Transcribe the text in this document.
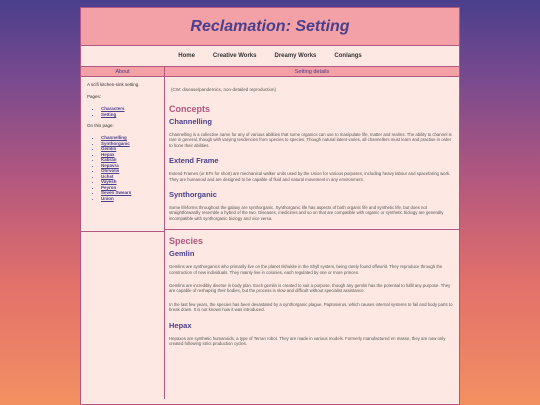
Reclamation: Setting
Home	Creative Works	Dreamy Works	Conlangs
About

A scifi kitchen-sink setting.

Pages:

• Characters
• Setting

On this page:

• Channelling
• Synthorganic
• Gemlin
• Hepax
• Kabran
• Nepavra
• Ohrvolis
• Uchst
• Vayesh
• Peyron
• Seven Swears
• Union
Setting details
(CW: disease/pandemics, non-detailed reproduction)
Concepts
Channelling
Channelling is a collective name for any of various abilities that some organics can use to manipulate life, matter and realms. The ability to channel is rare in general, though with varying tendencies from species to species. Though natural latent varies, all channellers must learn and practise in order to hone their abilities.
Extend Frame
Extend Frames (or EFs for short) are mechanical walker units used by the Union for various purposes, including heavy labour and spacefaring work. They are humanoid and are designed to be capable of fluid and natural movement in any environment.
Synthorganic
Some lifeforms throughout the galaxy are synthorganic. Synthorganic life has aspects of both organic life and synthetic life, but does not straightforwardly resemble a hybrid of the two. Diseases, medicines and so on that are compatible with organic or synthetic biology are generally incompatible with synthorganic biology and vice versa.
Species
Gemlin
Gemlins are synthorganics who primarily live on the planet Ilshukite in the Shyll system, being rarely found offworld. They reproduce through the construction of new individuals. They mainly live in colonies, each regulated by one or more princes.
Gemlins are incredibly diverse in body plan. Each gemlin is created to suit a purpose, though any gemlin has the potential to fulfil any purpose. They are capable of reshaping their bodies, but the process is slow and difficult without specialist assistance.
In the last few years, the species has been devastated by a synthorganic plague, Paptosvirus, which causes internal systems to fail and body parts to break down. It is not known how it was introduced.
Hepax
Hepaxes are synthetic humanoids, a type of Terran robot. They are made in various models. Formerly manufactured en masse, they are now only created following strict production cycles.
